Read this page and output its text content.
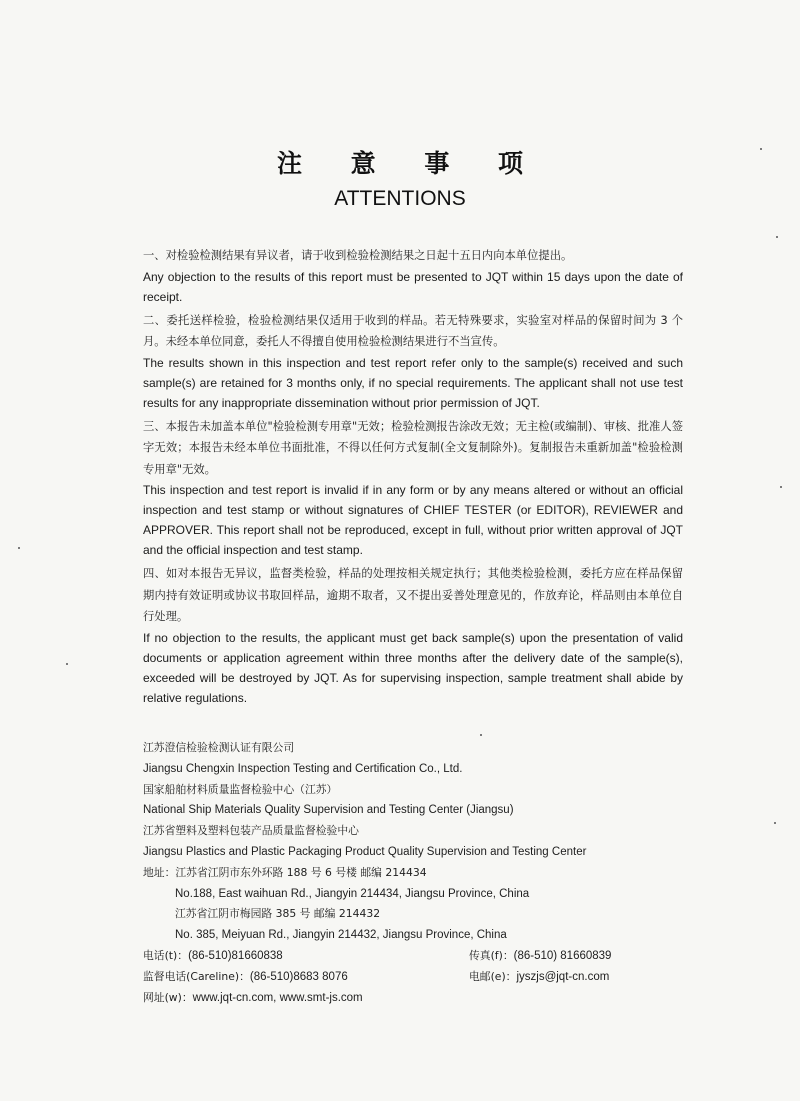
注 意 事 项
ATTENTIONS
一、对检验检测结果有异议者，请于收到检验检测结果之日起十五日内向本单位提出。
Any objection to the results of this report must be presented to JQT within 15 days upon the date of receipt.
二、委托送样检验，检验检测结果仅适用于收到的样品。若无特殊要求，实验室对样品的保留时间为 3 个月。未经本单位同意，委托人不得擅自使用检验检测结果进行不当宣传。
The results shown in this inspection and test report refer only to the sample(s) received and such sample(s) are retained for 3 months only, if no special requirements. The applicant shall not use test results for any inappropriate dissemination without prior permission of JQT.
三、本报告未加盖本单位"检验检测专用章"无效；检验检测报告涂改无效；无主检(或编制)、审核、批准人签字无效；本报告未经本单位书面批准，不得以任何方式复制(全文复制除外)。复制报告未重新加盖"检验检测专用章"无效。
This inspection and test report is invalid if in any form or by any means altered or without an official inspection and test stamp or without signatures of CHIEF TESTER (or EDITOR), REVIEWER and APPROVER. This report shall not be reproduced, except in full, without prior written approval of JQT and the official inspection and test stamp.
四、如对本报告无异议，监督类检验，样品的处理按相关规定执行；其他类检验检测，委托方应在样品保留期内持有效证明或协议书取回样品，逾期不取者，又不提出妥善处理意见的，作放弃论，样品则由本单位自行处理。
If no objection to the results, the applicant must get back sample(s) upon the presentation of valid documents or application agreement within three months after the delivery date of the sample(s), exceeded will be destroyed by JQT. As for supervising inspection, sample treatment shall abide by relative regulations.
江苏澄信检验检测认证有限公司
Jiangsu Chengxin Inspection Testing and Certification Co., Ltd.
国家船舶材料质量监督检验中心（江苏）
National Ship Materials Quality Supervision and Testing Center (Jiangsu)
江苏省塑料及塑料包装产品质量监督检验中心
Jiangsu Plastics and Plastic Packaging Product Quality Supervision and Testing Center
地址：江苏省江阴市东外环路 188 号 6 号楼 邮编 214434
No.188, East waihuan Rd., Jiangyin 214434, Jiangsu Province, China
江苏省江阴市梅园路 385 号 邮编 214432
No. 385, Meiyuan Rd., Jiangyin 214432, Jiangsu Province, China
电话(t)：(86-510)81660838	传真(f)：(86-510) 81660839
监督电话(Careline)：(86-510)8683 8076	电邮(e)：jyszjs@jqt-cn.com
网址(w)：www.jqt-cn.com, www.smt-js.com
